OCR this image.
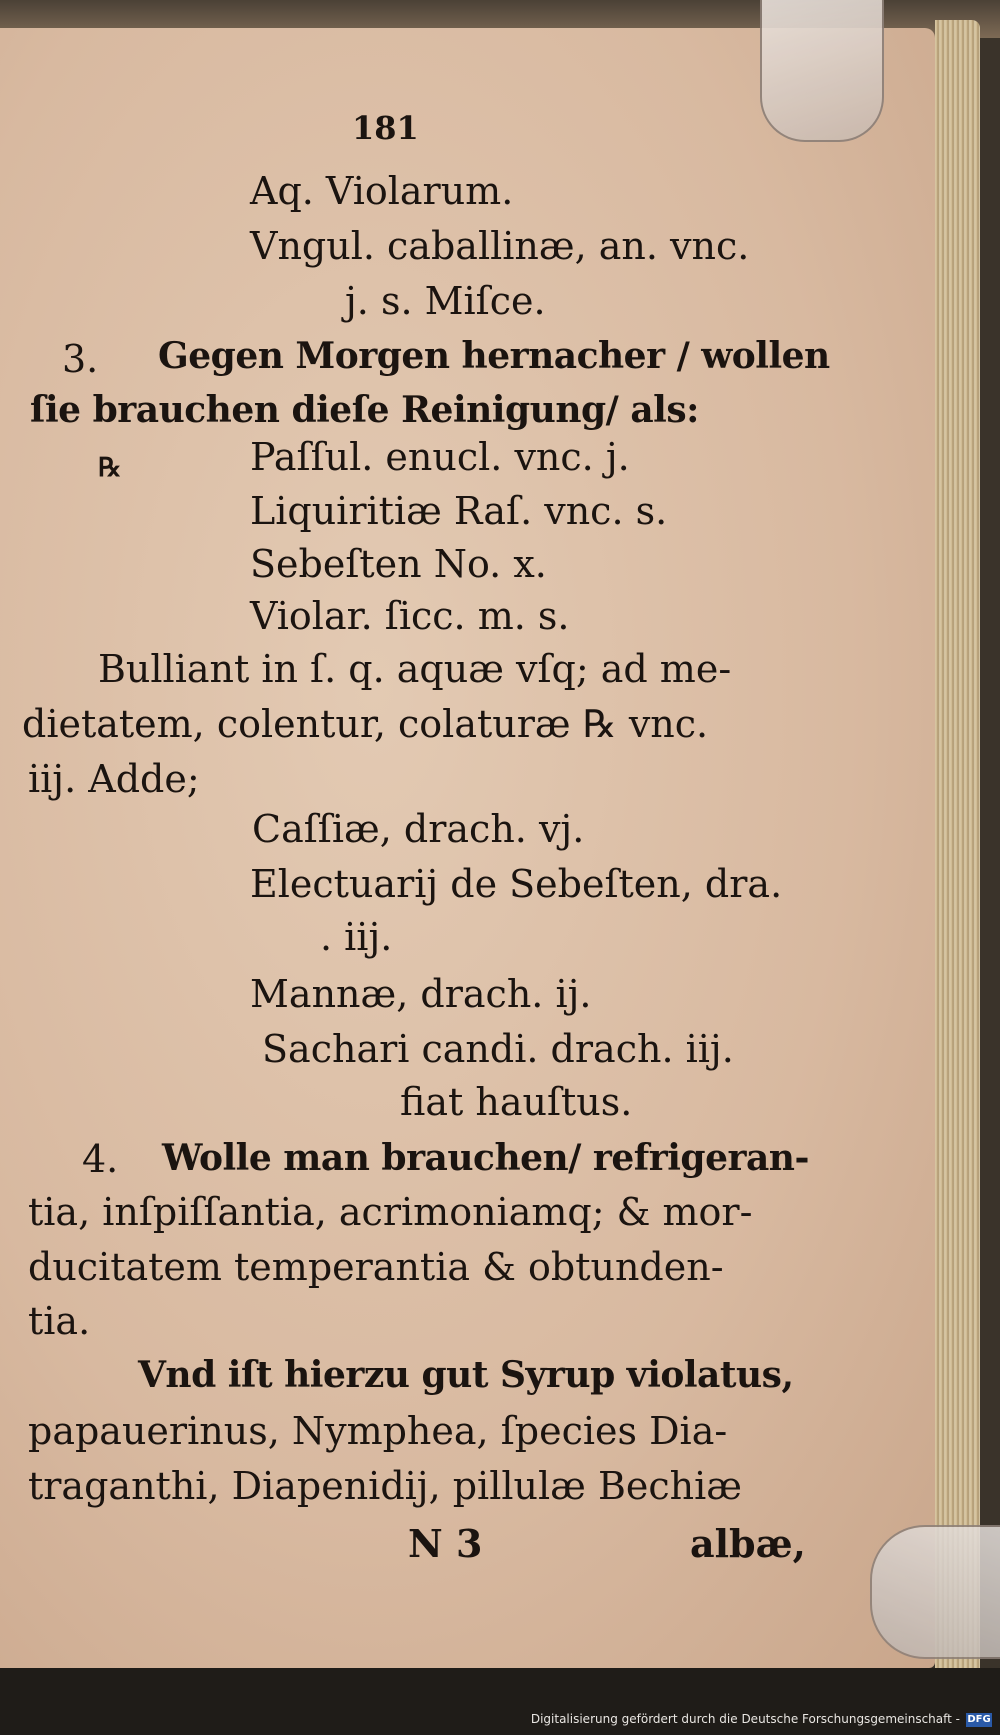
181
Aq. Violarum.
Vngul. caballinæ, an. vnc.
j. s. Miſce.
3. Gegen Morgen hernacher / wollen
ſie brauchen dieſe Reinigung/ als:
℞	Paſſul. enucl. vnc. j.
Liquiritiæ Raſ. vnc. s.
Sebeſten No. x.
Violar. ſicc. m. s.
Bulliant in ſ. q. aquæ vſq; ad me-
dietatem, colentur, colaturæ ℞ vnc.
iij. Adde;
Caſſiæ, drach. vj.
Electuarij de Sebeſten, dra.
. iij.
Mannæ, drach. ij.
Sachari candi. drach. iij.
fiat hauſtus.
4. Wolle man brauchen/ refrigeran-
tia, inſpiſſantia, acrimoniamq; & mor-
ducitatem temperantia & obtunden-
tia.
Vnd iſt hierzu gut Syrup violatus,
papauerinus, Nymphea, ſpecies Dia-
traganthi, Diapenidij, pillulæ Bechiæ
N 3	albæ,
Digitalisierung gefördert durch die Deutsche Forschungsgemeinschaft - DFG
